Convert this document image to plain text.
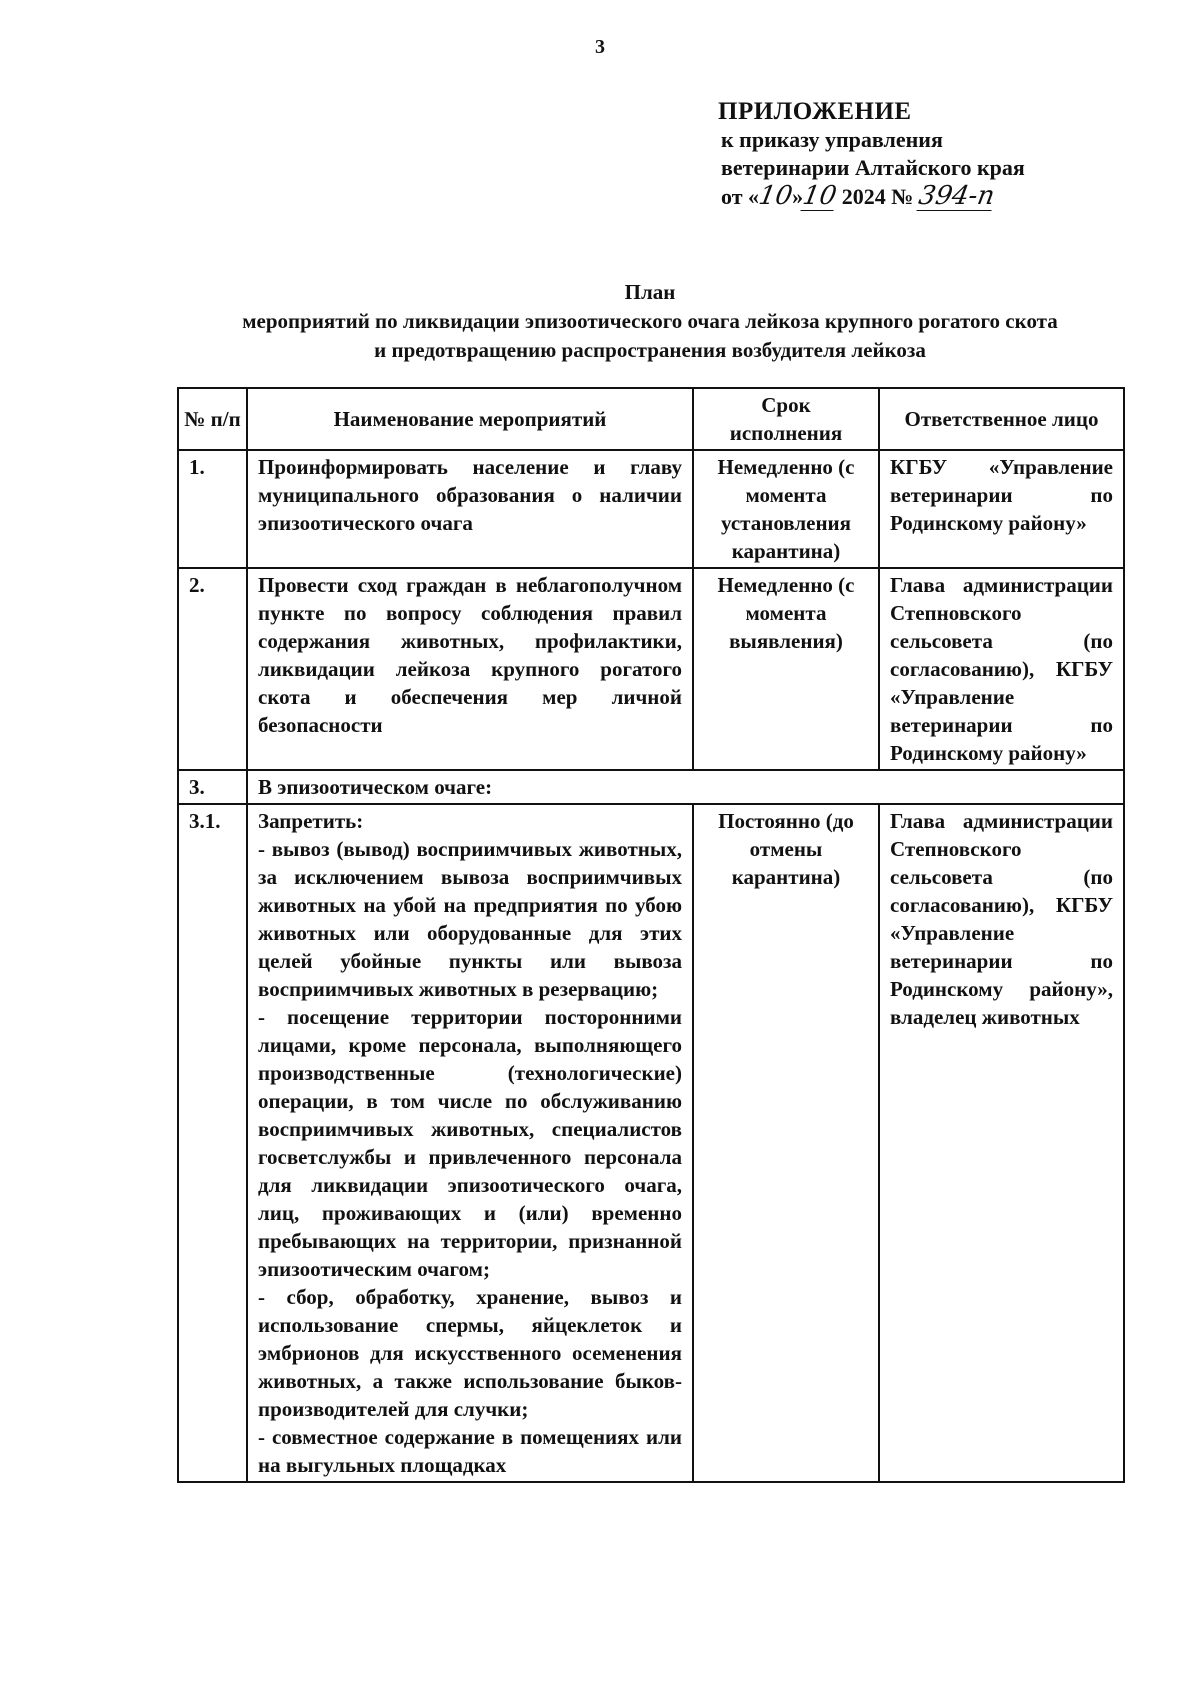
3
ПРИЛОЖЕНИЕ
к приказу управления
ветеринарии Алтайского края
от «10»10 2024 № 394-п
План
мероприятий по ликвидации эпизоотического очага лейкоза крупного рогатого скота
и предотвращению распространения возбудителя лейкоза
№ п/п	Наименование мероприятий	Срок исполнения	Ответственное лицо
1.	Проинформировать население и главу муниципального образования о наличии эпизоотического очага	Немедленно (с момента установления карантина)	КГБУ «Управление ветеринарии по Родинскому району»
2.	Провести сход граждан в неблагополучном пункте по вопросу соблюдения правил содержания животных, профилактики, ликвидации лейкоза крупного рогатого скота и обеспечения мер личной безопасности	Немедленно (с момента выявления)	Глава администрации Степновского сельсовета (по согласованию), КГБУ «Управление ветеринарии по Родинскому району»
3.	В эпизоотическом очаге:		
3.1.	Запретить:
- вывоз (вывод) восприимчивых животных, за исключением вывоза восприимчивых животных на убой на предприятия по убою животных или оборудованные для этих целей убойные пункты или вывоза восприимчивых животных в резервацию;
- посещение территории посторонними лицами, кроме персонала, выполняющего производственные (технологические) операции, в том числе по обслуживанию восприимчивых животных, специалистов госветслужбы и привлеченного персонала для ликвидации эпизоотического очага, лиц, проживающих и (или) временно пребывающих на территории, признанной эпизоотическим очагом;
- сбор, обработку, хранение, вывоз и использование спермы, яйцеклеток и эмбрионов для искусственного осеменения животных, а также использование быков-производителей для случки;
- совместное содержание в помещениях или на выгульных площадках	Постоянно (до отмены карантина)	Глава администрации Степновского сельсовета (по согласованию), КГБУ «Управление ветеринарии по Родинскому району», владелец животных
